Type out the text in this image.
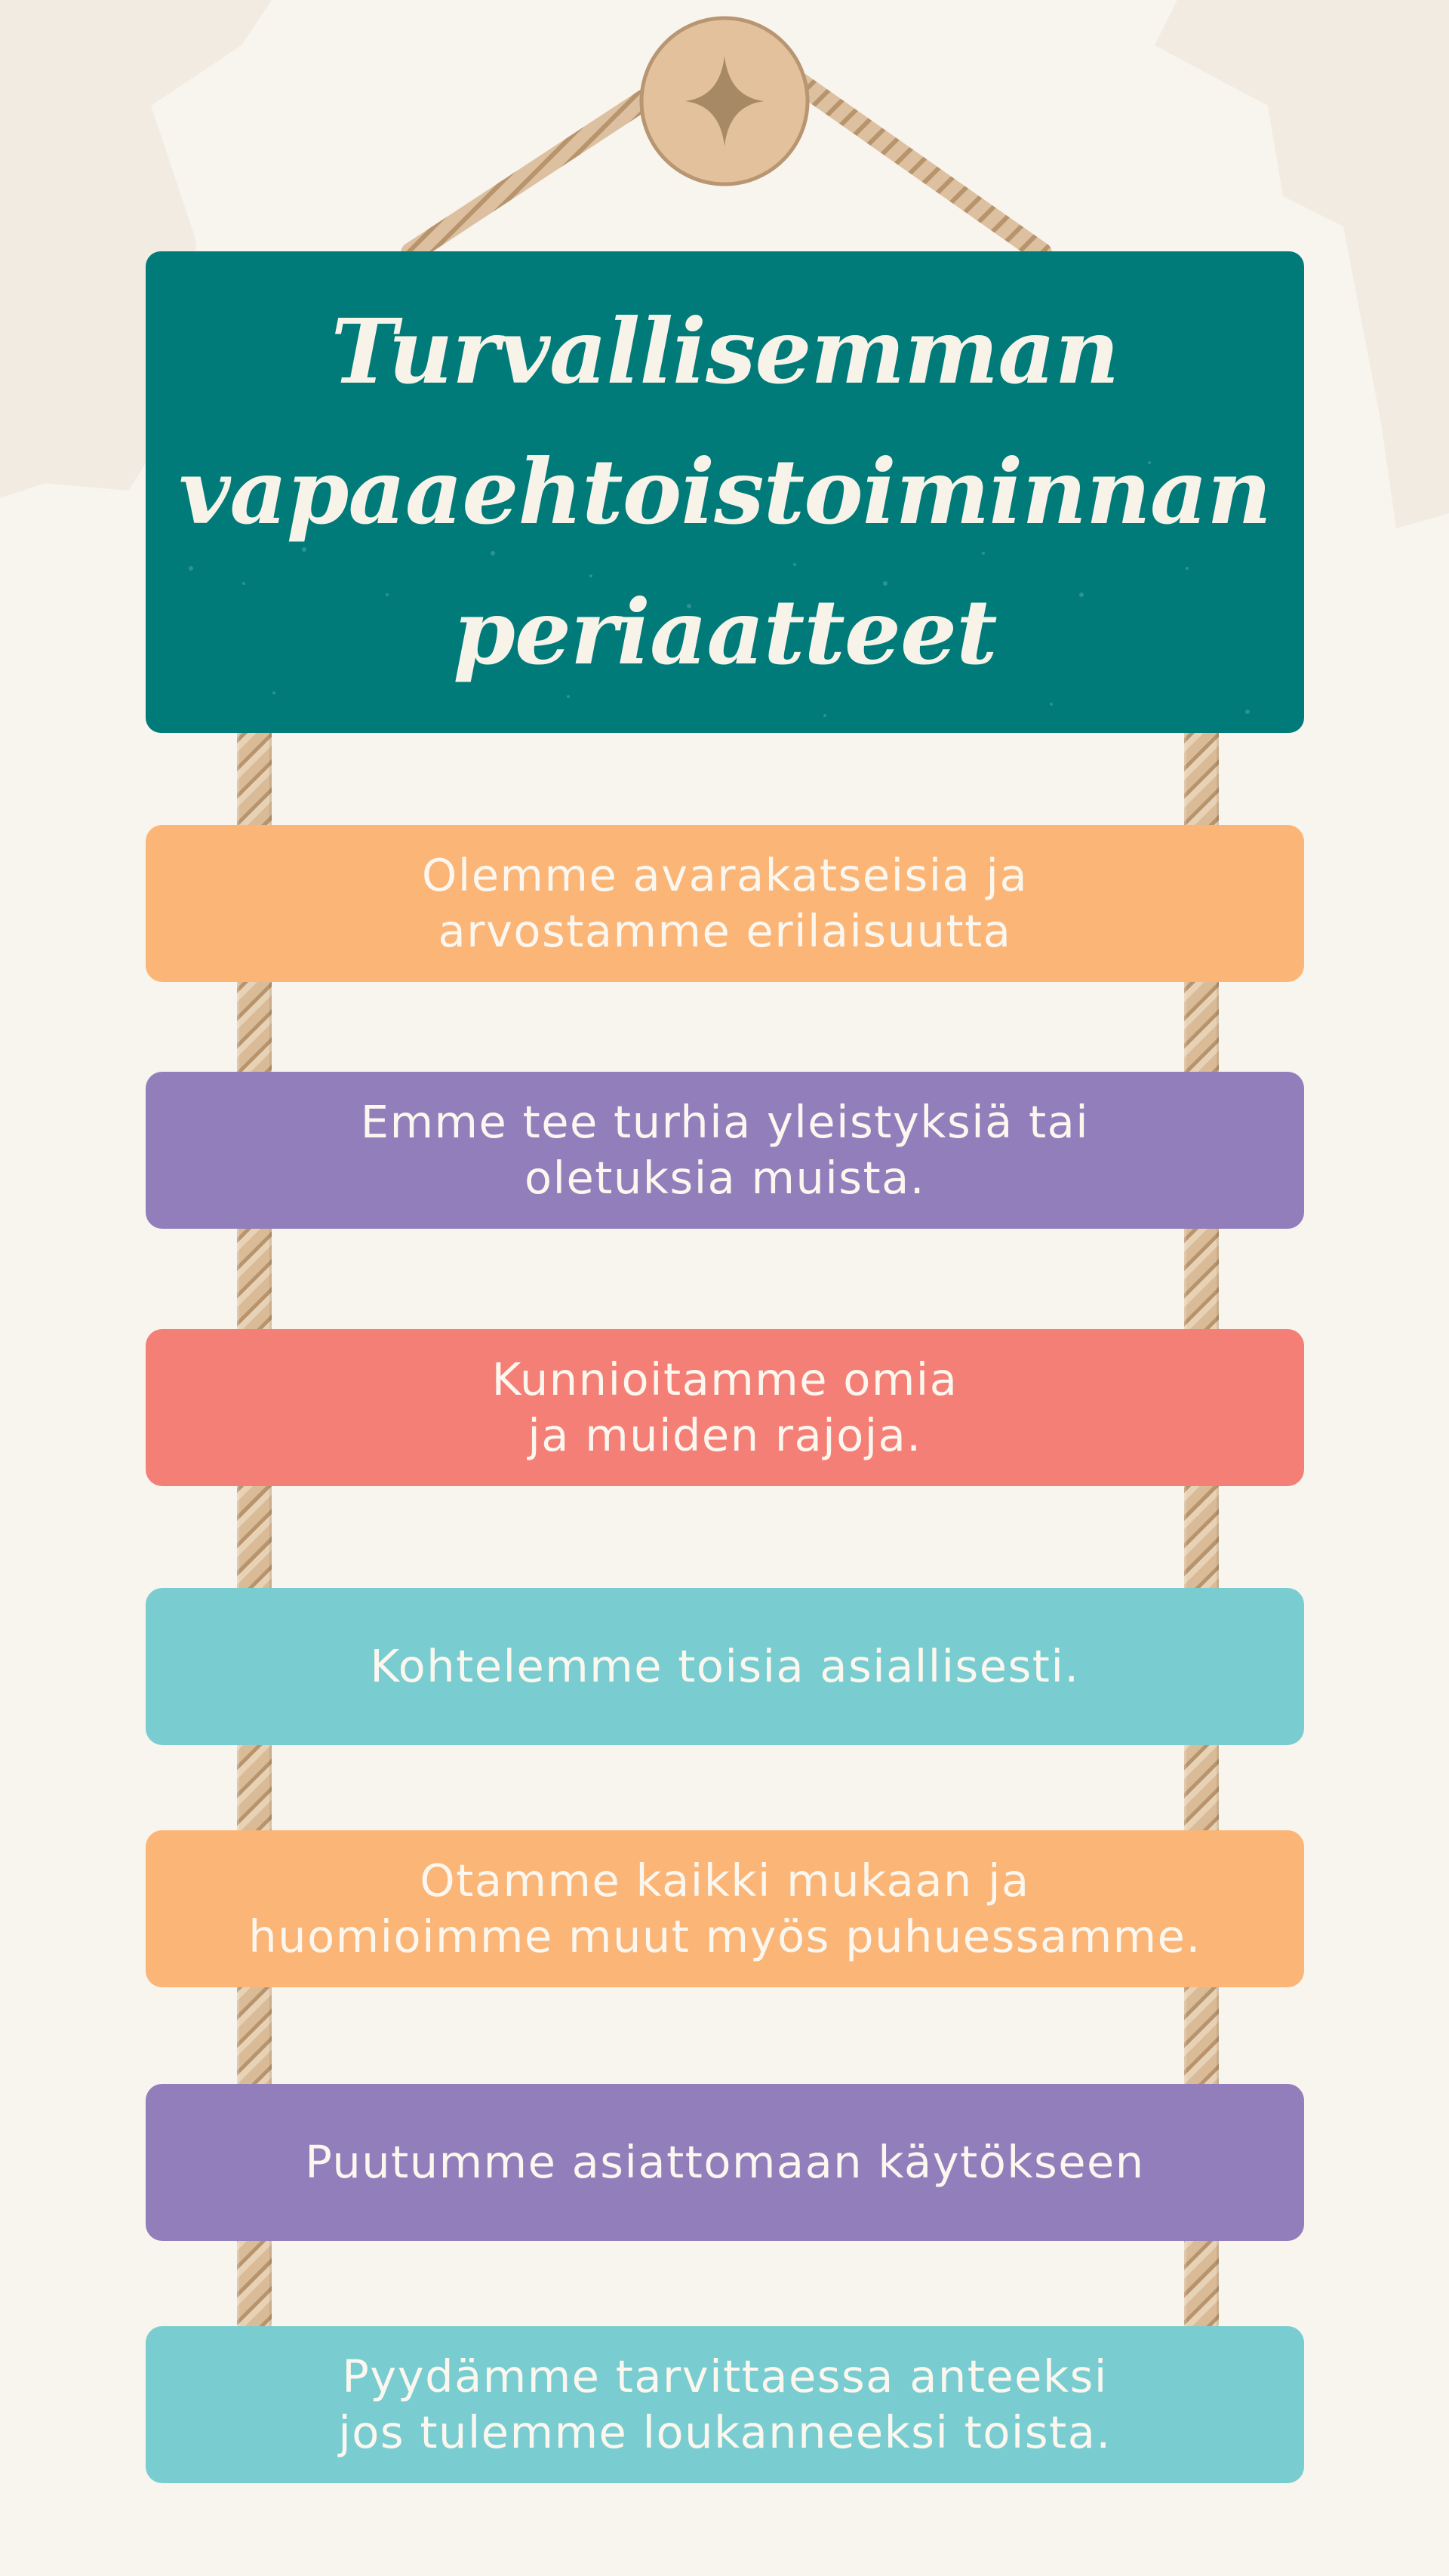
Turvallisemman
vapaaehtoistoiminnan
periaatteet
Olemme avarakatseisia ja
arvostamme erilaisuutta
Emme tee turhia yleistyksiä tai
oletuksia muista.
Kunnioitamme omia
ja muiden rajoja.
Kohtelemme toisia asiallisesti.
Otamme kaikki mukaan ja
huomioimme muut myös puhuessamme.
Puutumme asiattomaan käytökseen
Pyydämme tarvittaessa anteeksi
jos tulemme loukanneeksi toista.
